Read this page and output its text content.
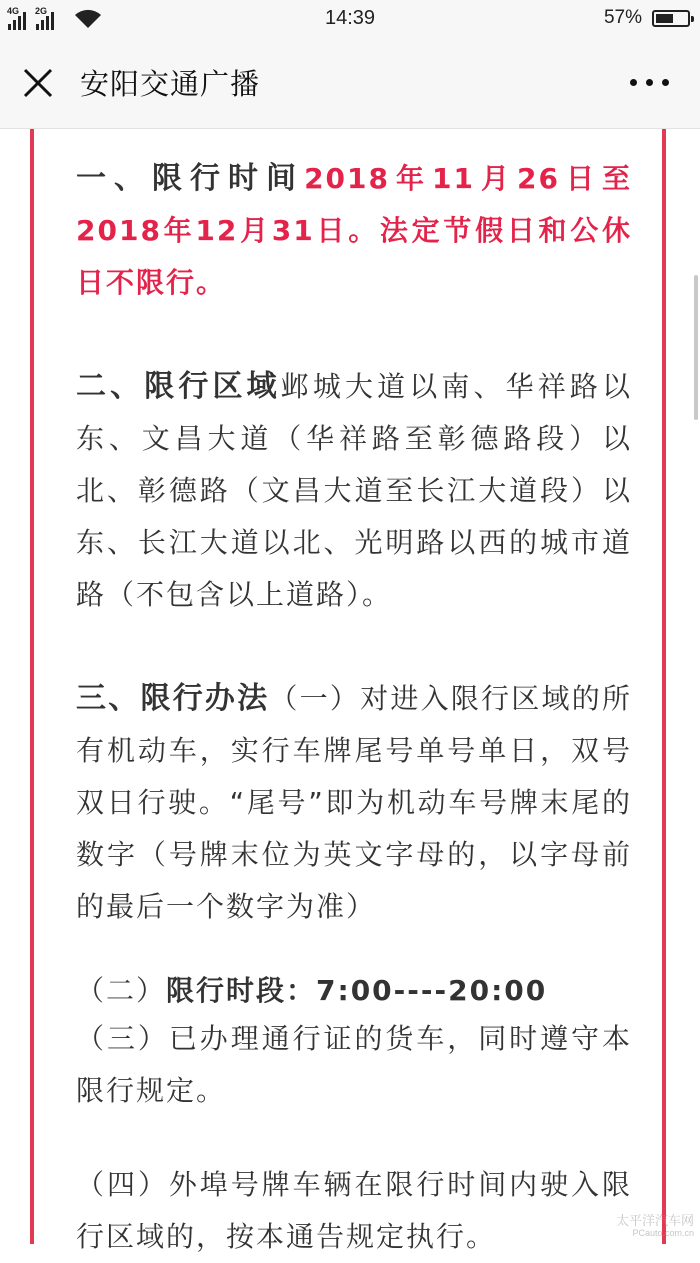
4G 2G	14:39	57%
安阳交通广播

一、限行时间2018年11月26日至2018年12月31日。法定节假日和公休日不限行。

二、限行区域邺城大道以南、华祥路以东、文昌大道（华祥路至彰德路段）以北、彰德路（文昌大道至长江大道段）以东、长江大道以北、光明路以西的城市道路（不包含以上道路）。

三、限行办法（一）对进入限行区域的所有机动车，实行车牌尾号单号单日，双号双日行驶。“尾号”即为机动车号牌末尾的数字（号牌末位为英文字母的，以字母前的最后一个数字为准）

（二）限行时段：7:00----20:00

（三）已办理通行证的货车，同时遵守本限行规定。

（四）外埠号牌车辆在限行时间内驶入限行区域的，按本通告规定执行。	太平洋汽车网
PCauto.com.cn
